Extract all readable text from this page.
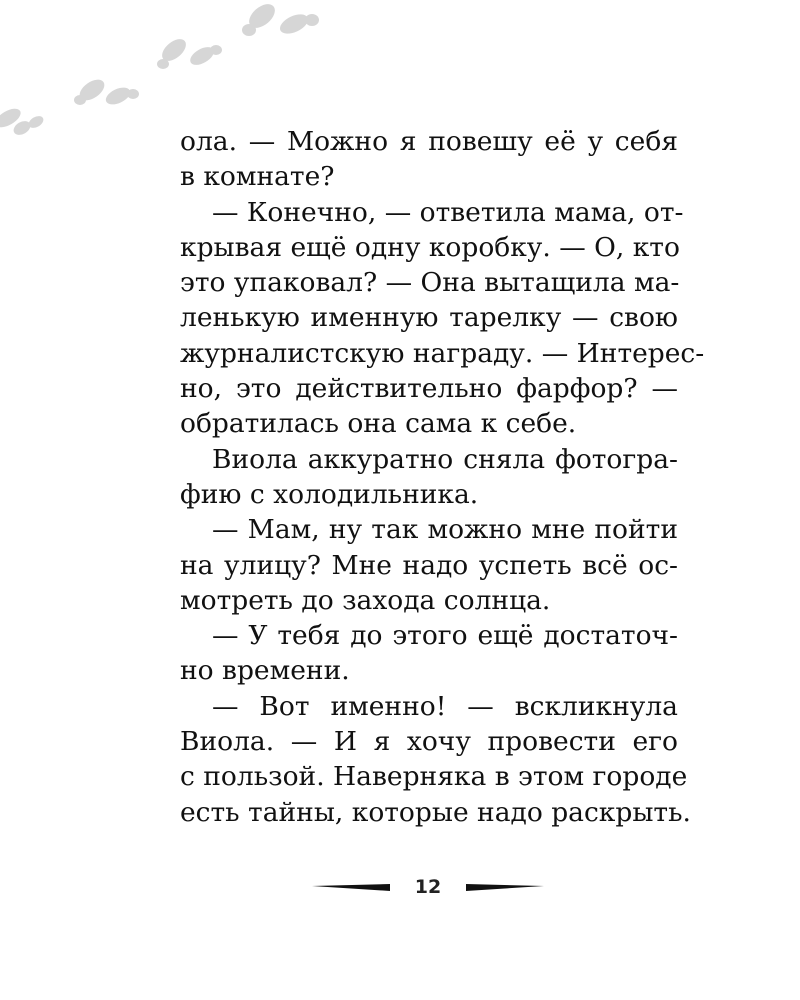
ола. — Можно я повешу её у себя
в комнате?
— Конечно, — ответила мама, от-
крывая ещё одну коробку. — О, кто
это упаковал? — Она вытащила ма-
ленькую именную тарелку — свою
журналистскую награду. — Интерес-
но, это действительно фарфор? —
обратилась она сама к себе.
Виола аккуратно сняла фотогра-
фию с холодильника.
— Мам, ну так можно мне пойти
на улицу? Мне надо успеть всё ос-
мотреть до захода солнца.
— У тебя до этого ещё достаточ-
но времени.
— Вот именно! — вскликнула
Виола. — И я хочу провести его
с пользой. Наверняка в этом городе
есть тайны, которые надо раскрыть.
12
